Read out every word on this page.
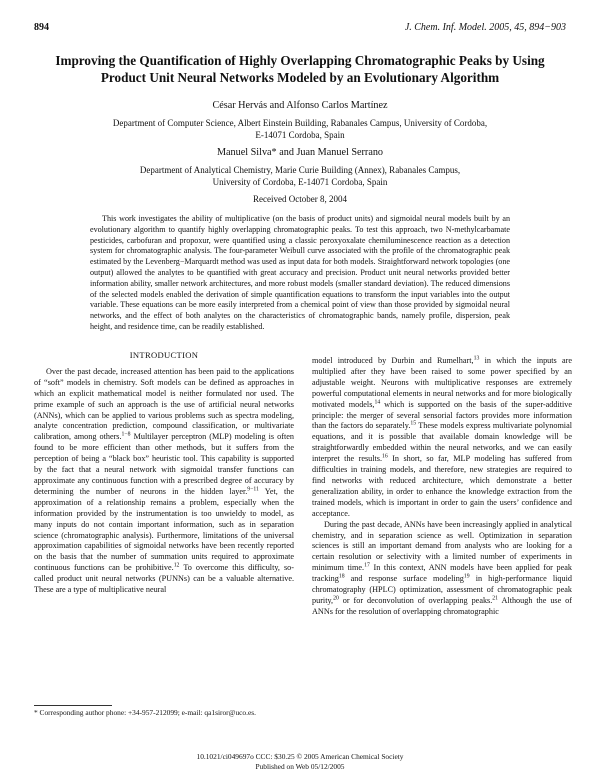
894	J. Chem. Inf. Model. 2005, 45, 894−903
Improving the Quantification of Highly Overlapping Chromatographic Peaks by Using Product Unit Neural Networks Modeled by an Evolutionary Algorithm
César Hervás and Alfonso Carlos Martínez
Department of Computer Science, Albert Einstein Building, Rabanales Campus, University of Cordoba, E-14071 Cordoba, Spain
Manuel Silva* and Juan Manuel Serrano
Department of Analytical Chemistry, Marie Curie Building (Annex), Rabanales Campus, University of Cordoba, E-14071 Cordoba, Spain
Received October 8, 2004

This work investigates the ability of multiplicative (on the basis of product units) and sigmoidal neural models built by an evolutionary algorithm to quantify highly overlapping chromatographic peaks. To test this approach, two N-methylcarbamate pesticides, carbofuran and propoxur, were quantified using a classic peroxyoxalate chemiluminescence reaction as a detection system for chromatographic analysis. The four-parameter Weibull curve associated with the profile of the chromatographic peak estimated by the Levenberg−Marquardt method was used as input data for both models. Straightforward network topologies (one output) allowed the analytes to be quantified with great accuracy and precision. Product unit neural networks provided better information ability, smaller network architectures, and more robust models (smaller standard deviation). The reduced dimensions of the selected models enabled the derivation of simple quantification equations to transform the input variables into the output variable. These equations can be more easily interpreted from a chemical point of view than those provided by sigmoidal neural networks, and the effect of both analytes on the characteristics of chromatographic bands, namely profile, dispersion, peak height, and residence time, can be readily established.

INTRODUCTION

Over the past decade, increased attention has been paid to the applications of “soft” models in chemistry. Soft models can be defined as approaches in which an explicit mathematical model is neither formulated nor used. The prime example of such an approach is the use of artificial neural networks (ANNs), which can be applied to various problems such as spectra modeling, analyte concentration prediction, compound classification, or multivariate calibration, among others.$^{1-8}$ Multilayer perceptron (MLP) modeling is often found to be more efficient than other methods, but it suffers from the perception of being a “black box” heuristic tool. This capability is supported by the fact that a neural network with sigmoidal transfer functions can approximate any continuous function with a prescribed degree of accuracy by determining the number of neurons in the hidden layer.$^{9-11}$ Yet, the approximation of a relationship remains a problem, especially when the information provided by the instrumentation is too unwieldy to model, as many inputs do not contain important information, such as in separation science (chromatographic analysis). Furthermore, limitations of the universal approximation capabilities of sigmoidal networks have been recently reported on the basis that the number of summation units required to approximate continuous functions can be prohibitive.$^{12}$ To overcome this difficulty, so-called product unit neural networks (PUNNs) can be a valuable alternative. These are a type of multiplicative neural

* Corresponding author phone: +34-957-212099; e-mail: qa1siror@uco.es.

model introduced by Durbin and Rumelhart,$^{13}$ in which the inputs are multiplied after they have been raised to some power specified by an adjustable weight. Neurons with multiplicative responses are extremely powerful computational elements in neural networks and for more biologically motivated models,$^{14}$ which is supported on the basis of the super-additive principle: the merger of several sensorial factors provides more information than the factors do separately.$^{15}$ These models express multivariate polynomial equations, and it is possible that available domain knowledge will be straightforwardly embedded within the neural networks, and we can easily interpret the results.$^{16}$ In short, so far, MLP modeling has suffered from difficulties in training models, and therefore, new strategies are required to find networks with reduced architecture, which demonstrate a better generalization ability, in order to enhance the knowledge extraction from the trained models, which is important in order to gain the users’ confidence and acceptance.

During the past decade, ANNs have been increasingly applied in analytical chemistry, and in separation science as well. Optimization in separation sciences is still an important demand from analysts who are looking for a certain resolution or selectivity with a limited number of experiments in minimum time.$^{17}$ In this context, ANN models have been applied for peak tracking$^{18}$ and response surface modeling$^{19}$ in high-performance liquid chromatography (HPLC) optimization, assessment of chromatographic peak purity,$^{20}$ or for deconvolution of overlapping peaks.$^{21}$ Although the use of ANNs for the resolution of overlapping chromatographic

10.1021/ci049697o CCC: $30.25 © 2005 American Chemical Society
Published on Web 05/12/2005
